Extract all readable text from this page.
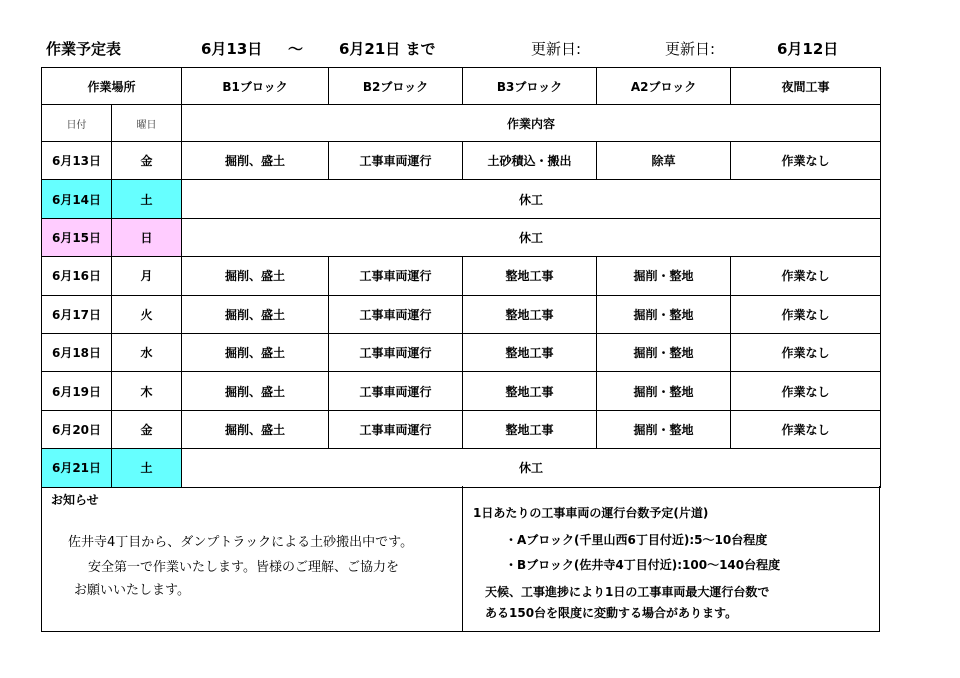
作業予定表	6月13日 ～ 6月21日 まで	更新日:	更新日:	6月12日
作業場所		B1ブロック	B2ブロック	B3ブロック	A2ブロック	夜間工事
日付	曜日	作業内容				
6月13日	金	掘削、盛土	工事車両運行	土砂積込・搬出	除草	作業なし
6月14日	土	休工				
6月15日	日	休工				
6月16日	月	掘削、盛土	工事車両運行	整地工事	掘削・整地	作業なし
6月17日	火	掘削、盛土	工事車両運行	整地工事	掘削・整地	作業なし
6月18日	水	掘削、盛土	工事車両運行	整地工事	掘削・整地	作業なし
6月19日	木	掘削、盛土	工事車両運行	整地工事	掘削・整地	作業なし
6月20日	金	掘削、盛土	工事車両運行	整地工事	掘削・整地	作業なし
6月21日	土	休工				
お知らせ
佐井寺4丁目から、ダンプトラックによる土砂搬出中です。
安全第一で作業いたします。皆様のご理解、ご協力を
お願いいたします。
1日あたりの工事車両の運行台数予定(片道)
・Aブロック(千里山西6丁目付近):5～10台程度
・Bブロック(佐井寺4丁目付近):100～140台程度
天候、工事進捗により1日の工事車両最大運行台数で
ある150台を限度に変動する場合があります。
